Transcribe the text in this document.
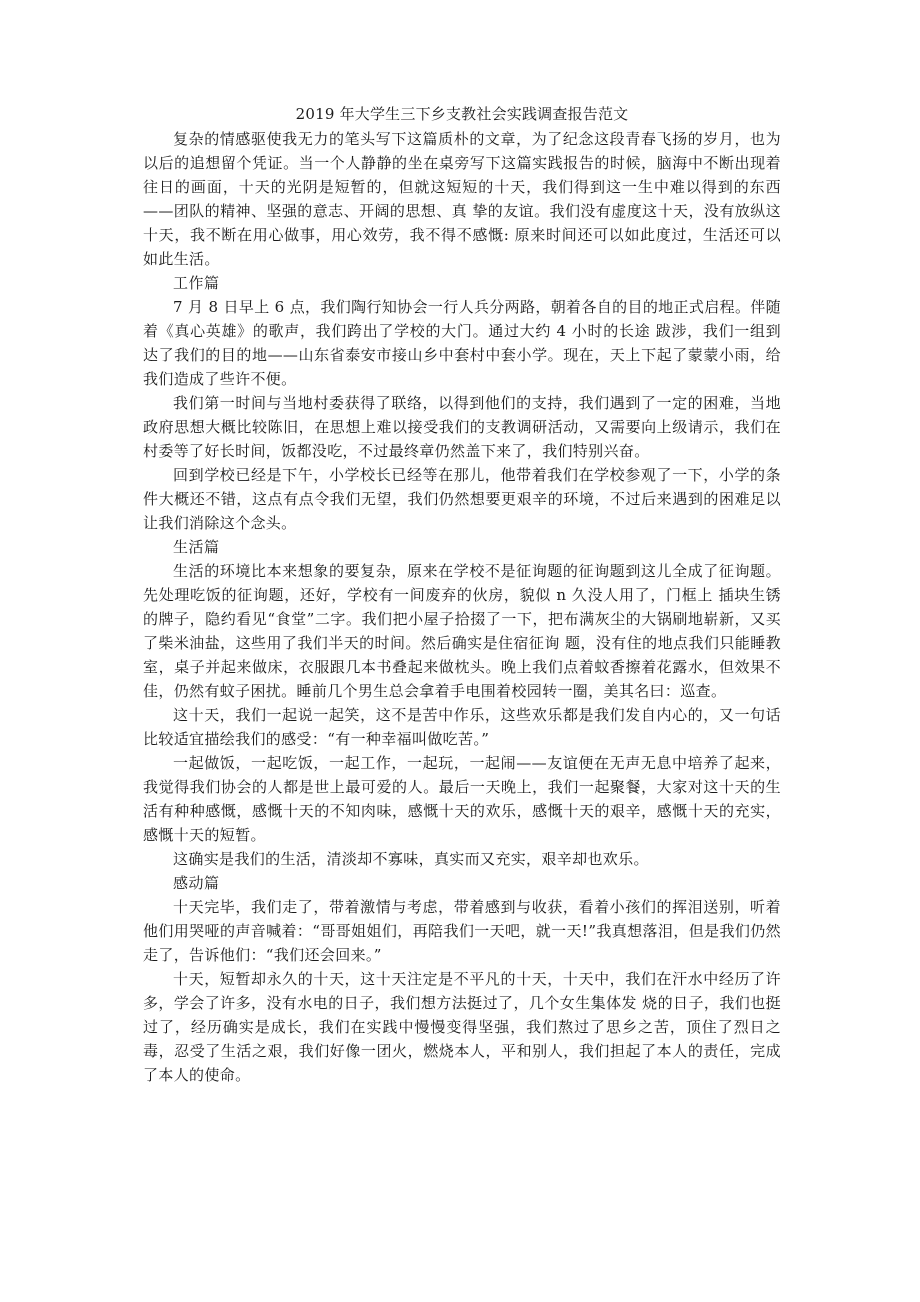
2019 年大学生三下乡支教社会实践调查报告范文

复杂的情感驱使我无力的笔头写下这篇质朴的文章，为了纪念这段青春飞扬的岁月，也为以后的追想留个凭证。当一个人静静的坐在桌旁写下这篇实践报告的时候，脑海中不断出现着往日的画面，十天的光阴是短暂的，但就这短短的十天，我们得到这一生中难以得到的东西——团队的精神、坚强的意志、开阔的思想、真 挚的友谊。我们没有虚度这十天，没有放纵这十天，我不断在用心做事，用心效劳，我不得不感慨: 原来时间还可以如此度过，生活还可以如此生活。

工作篇

7 月 8 日早上 6 点，我们陶行知协会一行人兵分两路，朝着各自的目的地正式启程。伴随着《真心英雄》的歌声，我们跨出了学校的大门。通过大约 4 小时的长途 跋涉，我们一组到达了我们的目的地——山东省泰安市接山乡中套村中套小学。现在，天上下起了蒙蒙小雨，给我们造成了些许不便。

我们第一时间与当地村委获得了联络，以得到他们的支持，我们遇到了一定的困难，当地政府思想大概比较陈旧，在思想上难以接受我们的支教调研活动，又需要向上级请示，我们在村委等了好长时间，饭都没吃，不过最终章仍然盖下来了，我们特别兴奋。

回到学校已经是下午，小学校长已经等在那儿，他带着我们在学校参观了一下，小学的条件大概还不错，这点有点令我们无望，我们仍然想要更艰辛的环境，不过后来遇到的困难足以让我们消除这个念头。

生活篇

生活的环境比本来想象的要复杂，原来在学校不是征询题的征询题到这儿全成了征询题。先处理吃饭的征询题，还好，学校有一间废弃的伙房，貌似 n 久没人用了，门框上 插块生锈的牌子，隐约看见“食堂”二字。我们把小屋子拾掇了一下，把布满灰尘的大锅刷地崭新，又买了柴米油盐，这些用了我们半天的时间。然后确实是住宿征询 题，没有住的地点我们只能睡教室，桌子并起来做床，衣服跟几本书叠起来做枕头。晚上我们点着蚊香擦着花露水，但效果不佳，仍然有蚊子困扰。睡前几个男生总会拿着手电围着校园转一圈，美其名曰：巡查。

这十天，我们一起说一起笑，这不是苦中作乐，这些欢乐都是我们发自内心的，又一句话比较适宜描绘我们的感受：“有一种幸福叫做吃苦。”

一起做饭，一起吃饭，一起工作，一起玩，一起闹——友谊便在无声无息中培养了起来，我觉得我们协会的人都是世上最可爱的人。最后一天晚上，我们一起聚餐，大家对这十天的生活有种种感慨，感慨十天的不知肉味，感慨十天的欢乐，感慨十天的艰辛，感慨十天的充实，感慨十天的短暂。

这确实是我们的生活，清淡却不寡味，真实而又充实，艰辛却也欢乐。

感动篇

十天完毕，我们走了，带着激情与考虑，带着感到与收获，看着小孩们的挥泪送别，听着他们用哭哑的声音喊着：“哥哥姐姐们，再陪我们一天吧，就一天!”我真想落泪，但是我们仍然走了，告诉他们：“我们还会回来。”

十天，短暂却永久的十天，这十天注定是不平凡的十天，十天中，我们在汗水中经历了许多，学会了许多，没有水电的日子，我们想方法挺过了，几个女生集体发 烧的日子，我们也挺过了，经历确实是成长，我们在实践中慢慢变得坚强，我们熬过了思乡之苦，顶住了烈日之毒，忍受了生活之艰，我们好像一团火，燃烧本人，平和别人，我们担起了本人的责任，完成了本人的使命。
